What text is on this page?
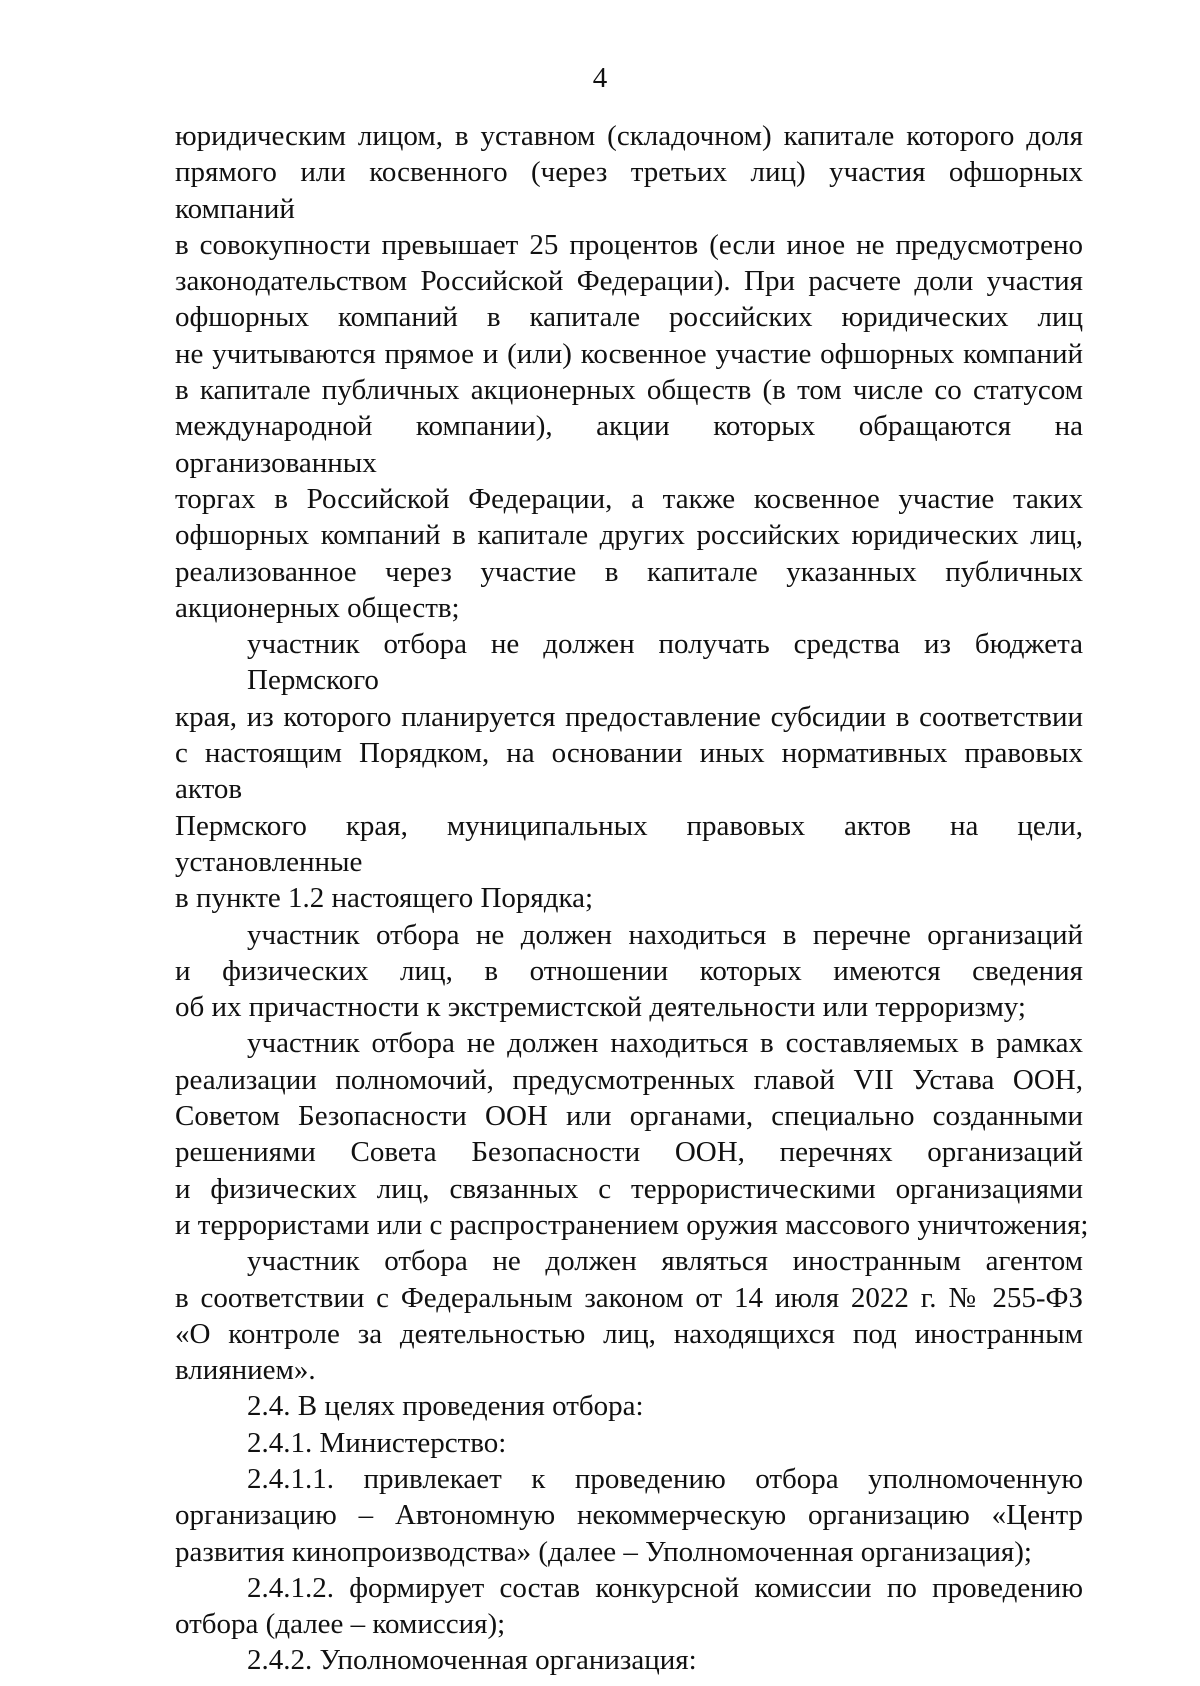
4
юридическим лицом, в уставном (складочном) капитале которого доля
прямого или косвенного (через третьих лиц) участия офшорных компаний
в совокупности превышает 25 процентов (если иное не предусмотрено
законодательством Российской Федерации). При расчете доли участия
офшорных компаний в капитале российских юридических лиц
не учитываются прямое и (или) косвенное участие офшорных компаний
в капитале публичных акционерных обществ (в том числе со статусом
международной компании), акции которых обращаются на организованных
торгах в Российской Федерации, а также косвенное участие таких
офшорных компаний в капитале других российских юридических лиц,
реализованное через участие в капитале указанных публичных
акционерных обществ;
участник отбора не должен получать средства из бюджета Пермского
края, из которого планируется предоставление субсидии в соответствии
с настоящим Порядком, на основании иных нормативных правовых актов
Пермского края, муниципальных правовых актов на цели, установленные
в пункте 1.2 настоящего Порядка;
участник отбора не должен находиться в перечне организаций
и физических лиц, в отношении которых имеются сведения
об их причастности к экстремистской деятельности или терроризму;
участник отбора не должен находиться в составляемых в рамках
реализации полномочий, предусмотренных главой VII Устава ООН,
Советом Безопасности ООН или органами, специально созданными
решениями Совета Безопасности ООН, перечнях организаций
и физических лиц, связанных с террористическими организациями
и террористами или с распространением оружия массового уничтожения;
участник отбора не должен являться иностранным агентом
в соответствии с Федеральным законом от 14 июля 2022 г. № 255-ФЗ
«О контроле за деятельностью лиц, находящихся под иностранным
влиянием».
2.4. В целях проведения отбора:
2.4.1. Министерство:
2.4.1.1. привлекает к проведению отбора уполномоченную
организацию – Автономную некоммерческую организацию «Центр
развития кинопроизводства» (далее – Уполномоченная организация);
2.4.1.2. формирует состав конкурсной комиссии по проведению
отбора (далее – комиссия);
2.4.2. Уполномоченная организация:
